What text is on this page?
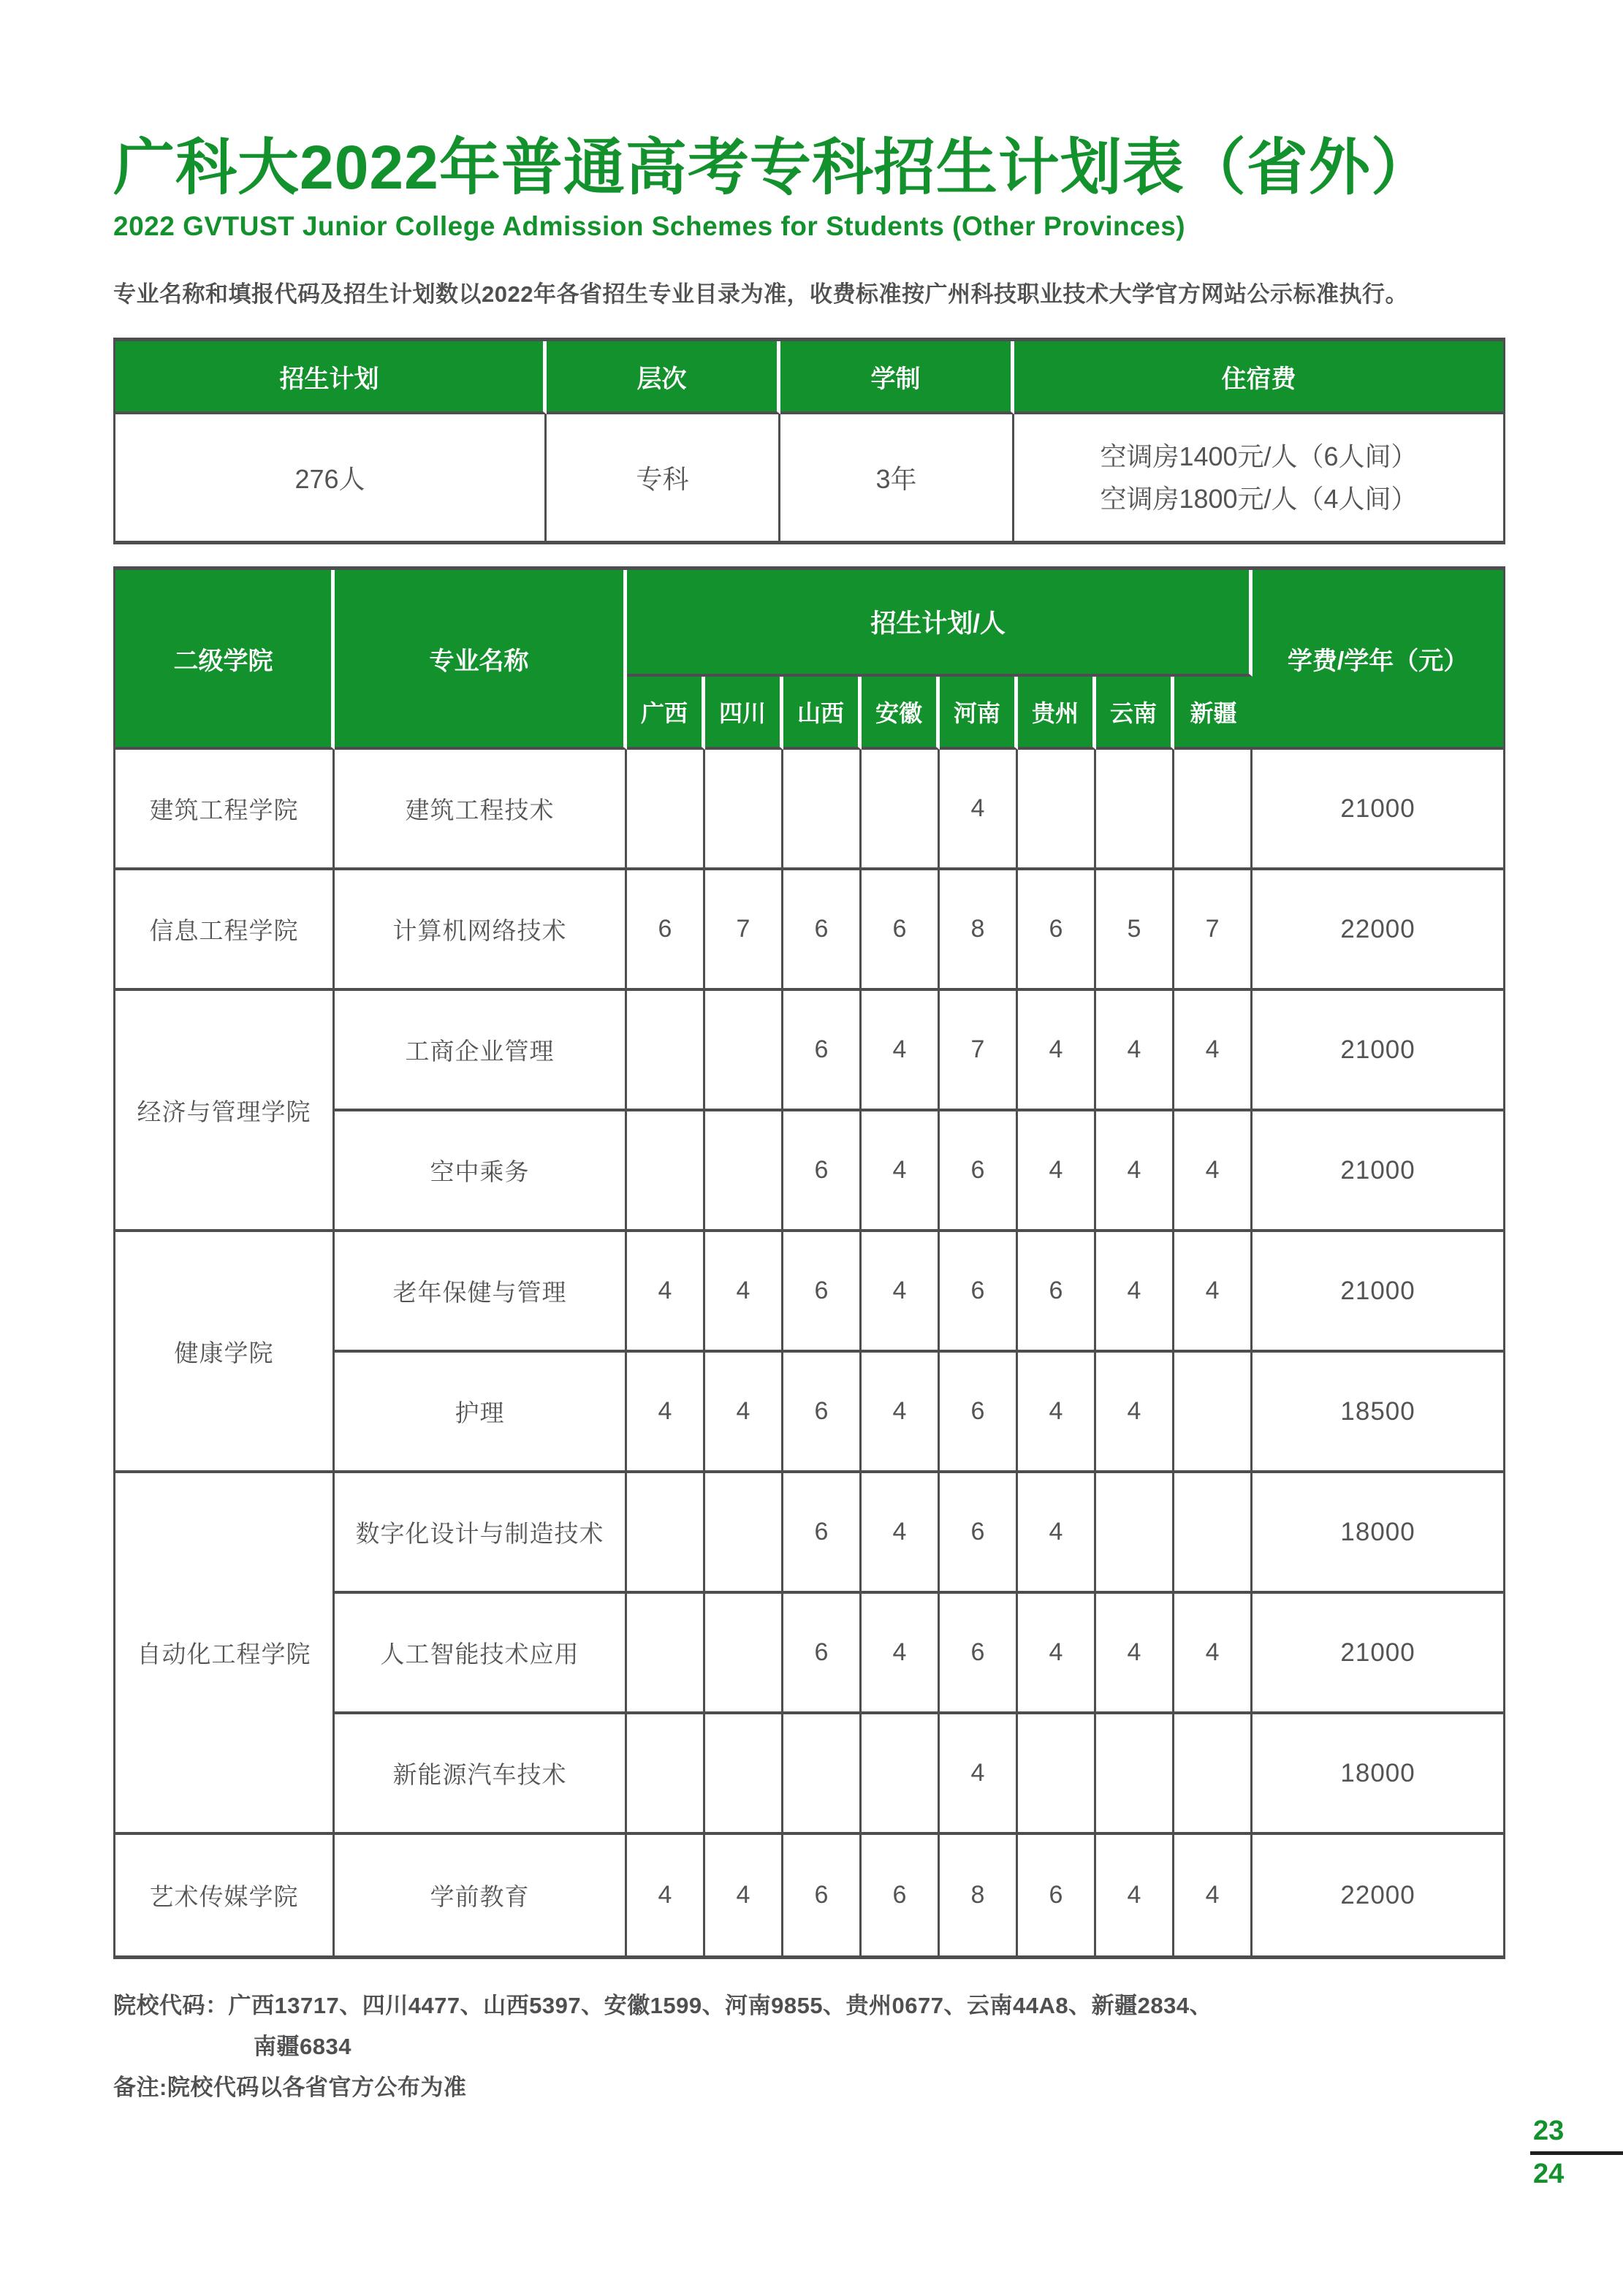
广科大2022年普通高考专科招生计划表（省外）
2022 GVTUST Junior College Admission Schemes for Students (Other Provinces)

专业名称和填报代码及招生计划数以2022年各省招生专业目录为准，收费标准按广州科技职业技术大学官方网站公示标准执行。

招生计划	层次	学制	住宿费
276人	专科	3年	空调房1400元/人（6人间）
空调房1800元/人（4人间）
二级学院	专业名称	招生计划/人								学费/学年（元）
		广西	四川	山西	安徽	河南	贵州	云南	新疆	
建筑工程学院	建筑工程技术					4				21000
信息工程学院	计算机网络技术	6	7	6	6	8	6	5	7	22000
经济与管理学院	工商企业管理			6	4	7	4	4	4	21000
	空中乘务			6	4	6	4	4	4	21000
健康学院	老年保健与管理	4	4	6	4	6	6	4	4	21000
	护理	4	4	6	4	6	4	4		18500
自动化工程学院	数字化设计与制造技术			6	4	6	4			18000
	人工智能技术应用			6	4	6	4	4	4	21000
	新能源汽车技术					4				18000
艺术传媒学院	学前教育	4	4	6	6	8	6	4	4	22000

院校代码：广西13717、四川4477、山西5397、安徽1599、河南9855、贵州0677、云南44A8、新疆2834、
南疆6834

备注:院校代码以各省官方公布为准

23
24
